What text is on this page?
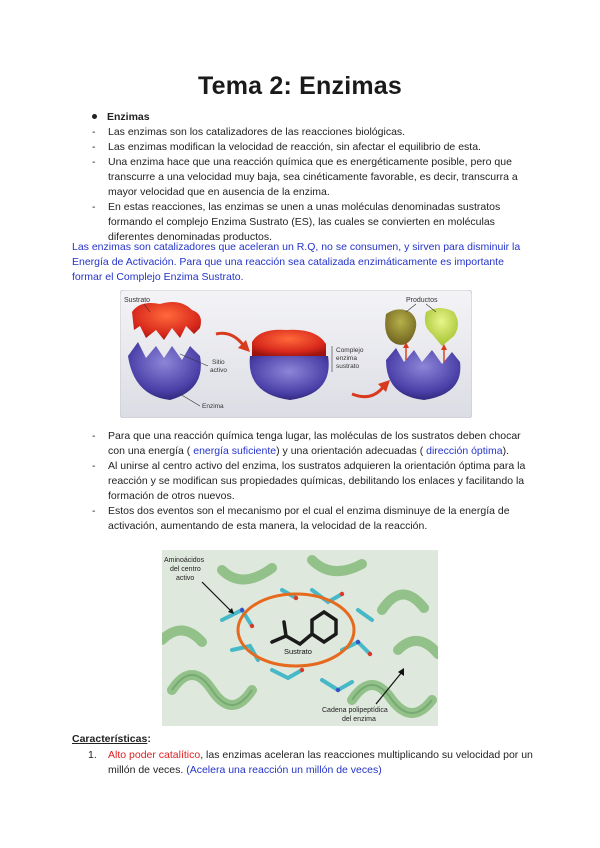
Tema 2: Enzimas
Enzimas
- Las enzimas son los catalizadores de las reacciones biológicas.
- Las enzimas modifican la velocidad de reacción, sin afectar el equilibrio de esta.
- Una enzima hace que una reacción química que es energéticamente posible, pero que transcurre a una velocidad muy baja, sea cinéticamente favorable, es decir, transcurra a mayor velocidad que en ausencia de la enzima.
- En estas reacciones, las enzimas se unen a unas moléculas denominadas sustratos formando el complejo Enzima Sustrato (ES), las cuales se convierten en moléculas diferentes denominadas productos.

Las enzimas son catalizadores que aceleran un R.Q, no se consumen, y sirven para disminuir la Energía de Activación. Para que una reacción sea catalizada enzimáticamente es importante formar el Complejo Enzima Sustrato.

Sustrato
Sitio
activo
Enzima
Complejo
enzima
sustrato
Productos
- Para que una reacción química tenga lugar, las moléculas de los sustratos deben chocar con una energía ( energía suficiente) y una orientación adecuadas ( dirección óptima).
- Al unirse al centro activo del enzima, los sustratos adquieren la orientación óptima para la reacción y se modifican sus propiedades químicas, debilitando los enlaces y facilitando la formación de otros nuevos.
- Estos dos eventos son el mecanismo por el cual el enzima disminuye de la energía de activación, aumentando de esta manera, la velocidad de la reacción.
Aminoácidos
del centro
activo
Sustrato
Cadena polipeptídica
del enzima

Características:

1. Alto poder catalítico, las enzimas aceleran las reacciones multiplicando su velocidad por un millón de veces. (Acelera una reacción un millón de veces)
